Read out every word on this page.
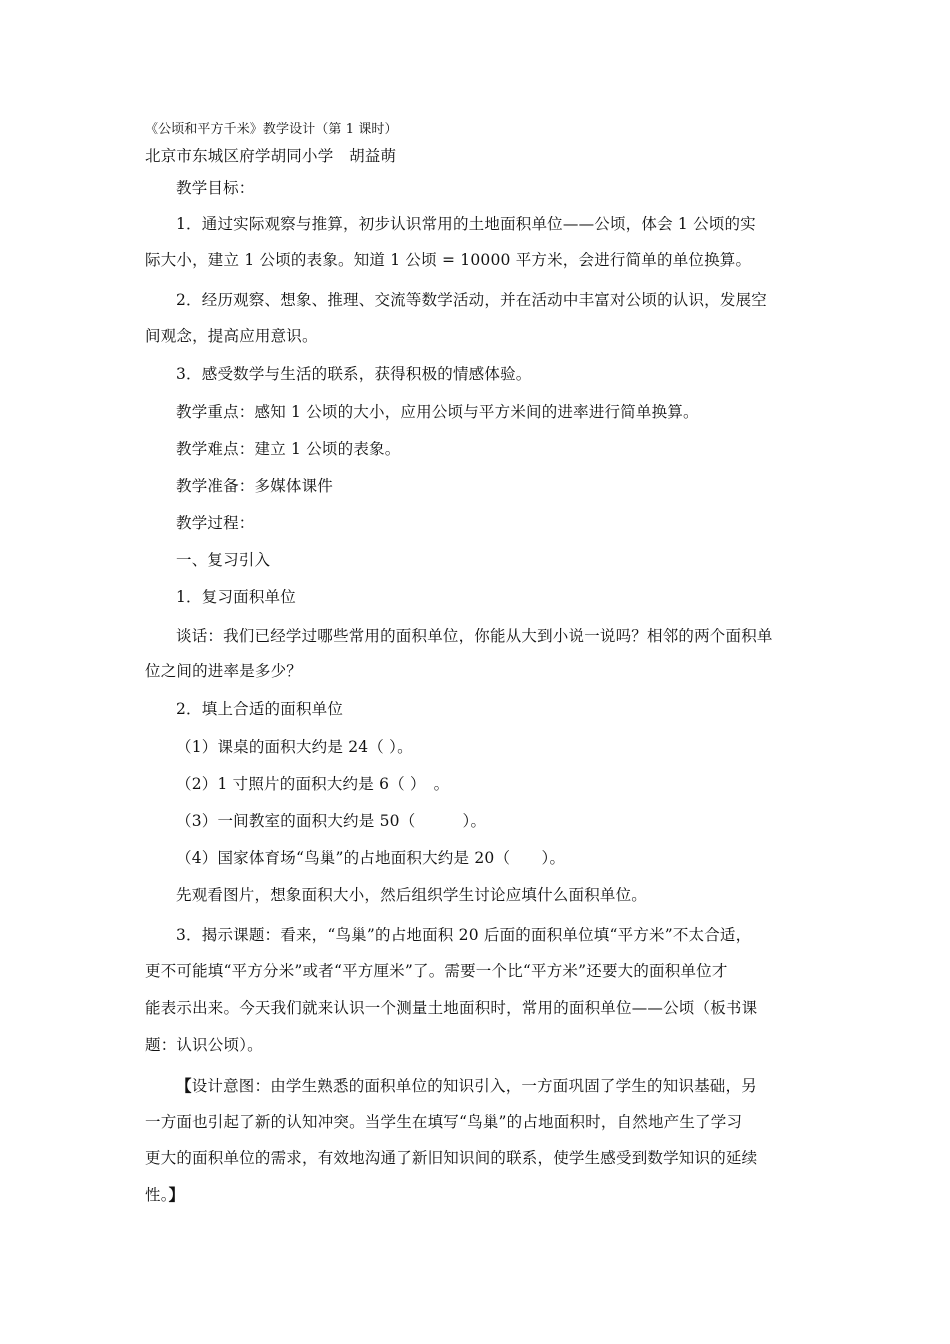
《公顷和平方千米》教学设计（第 1 课时）
北京市东城区府学胡同小学　胡益萌
教学目标：
1．通过实际观察与推算，初步认识常用的土地面积单位——公顷，体会 1 公顷的实
际大小，建立 1 公顷的表象。知道 1 公顷 = 10000 平方米，会进行简单的单位换算。
2．经历观察、想象、推理、交流等数学活动，并在活动中丰富对公顷的认识，发展空
间观念，提高应用意识。
3．感受数学与生活的联系，获得积极的情感体验。
教学重点：感知 1 公顷的大小，应用公顷与平方米间的进率进行简单换算。
教学难点：建立 1 公顷的表象。
教学准备：多媒体课件
教学过程：
一、复习引入
1．复习面积单位
谈话：我们已经学过哪些常用的面积单位，你能从大到小说一说吗？相邻的两个面积单
位之间的进率是多少？
2．填上合适的面积单位
（1）课桌的面积大约是 24（ ）。
（2）1 寸照片的面积大约是 6（ ）　。
（3）一间教室的面积大约是 50（　　　）。
（4）国家体育场“鸟巢”的占地面积大约是 20（　　）。
先观看图片，想象面积大小，然后组织学生讨论应填什么面积单位。
3．揭示课题：看来，“鸟巢”的占地面积 20 后面的面积单位填“平方米”不太合适，
更不可能填“平方分米”或者“平方厘米”了。需要一个比“平方米”还要大的面积单位才
能表示出来。今天我们就来认识一个测量土地面积时，常用的面积单位——公顷（板书课
题：认识公顷）。
【设计意图：由学生熟悉的面积单位的知识引入，一方面巩固了学生的知识基础，另
一方面也引起了新的认知冲突。当学生在填写“鸟巢”的占地面积时，自然地产生了学习
更大的面积单位的需求，有效地沟通了新旧知识间的联系，使学生感受到数学知识的延续
性。】
